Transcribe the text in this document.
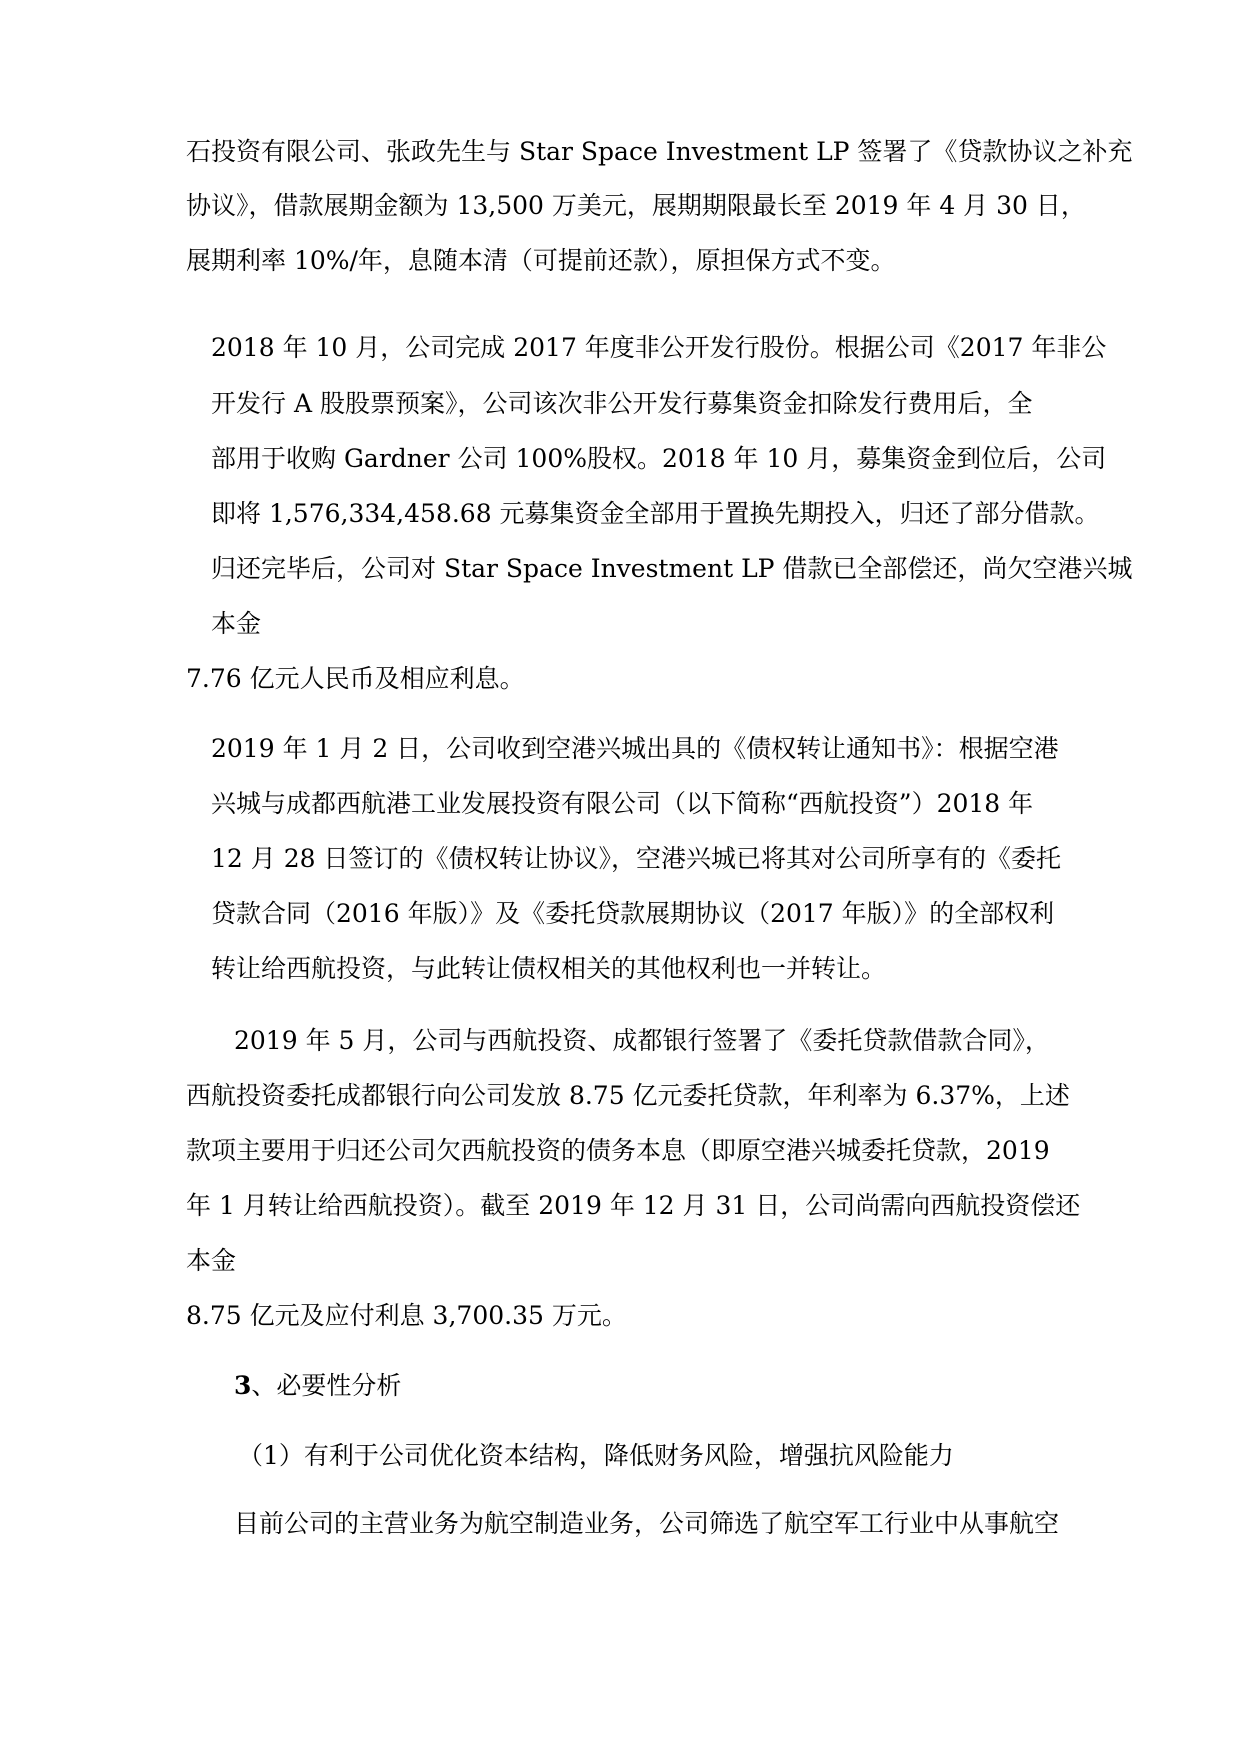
石投资有限公司、张政先生与 Star Space Investment LP 签署了《贷款协议之补充
协议》，借款展期金额为 13,500 万美元，展期期限最长至 2019 年 4 月 30 日，
展期利率 10%/年，息随本清（可提前还款），原担保方式不变。
2018 年 10 月，公司完成 2017 年度非公开发行股份。根据公司《2017 年非公
开发行 A 股股票预案》，公司该次非公开发行募集资金扣除发行费用后，全
部用于收购 Gardner 公司 100%股权。2018 年 10 月，募集资金到位后，公司
即将 1,576,334,458.68 元募集资金全部用于置换先期投入，归还了部分借款。
归还完毕后，公司对 Star Space Investment LP 借款已全部偿还，尚欠空港兴城
本金
7.76 亿元人民币及相应利息。
2019 年 1 月 2 日，公司收到空港兴城出具的《债权转让通知书》：根据空港
兴城与成都西航港工业发展投资有限公司（以下简称“西航投资”）2018 年
12 月 28 日签订的《债权转让协议》，空港兴城已将其对公司所享有的《委托
贷款合同（2016 年版）》及《委托贷款展期协议（2017 年版）》的全部权利
转让给西航投资，与此转让债权相关的其他权利也一并转让。
2019 年 5 月，公司与西航投资、成都银行签署了《委托贷款借款合同》，
西航投资委托成都银行向公司发放 8.75 亿元委托贷款，年利率为 6.37%，上述
款项主要用于归还公司欠西航投资的债务本息（即原空港兴城委托贷款，2019
年 1 月转让给西航投资）。截至 2019 年 12 月 31 日，公司尚需向西航投资偿还
本金
8.75 亿元及应付利息 3,700.35 万元。
3、必要性分析
（1）有利于公司优化资本结构，降低财务风险，增强抗风险能力
目前公司的主营业务为航空制造业务，公司筛选了航空军工行业中从事航空
